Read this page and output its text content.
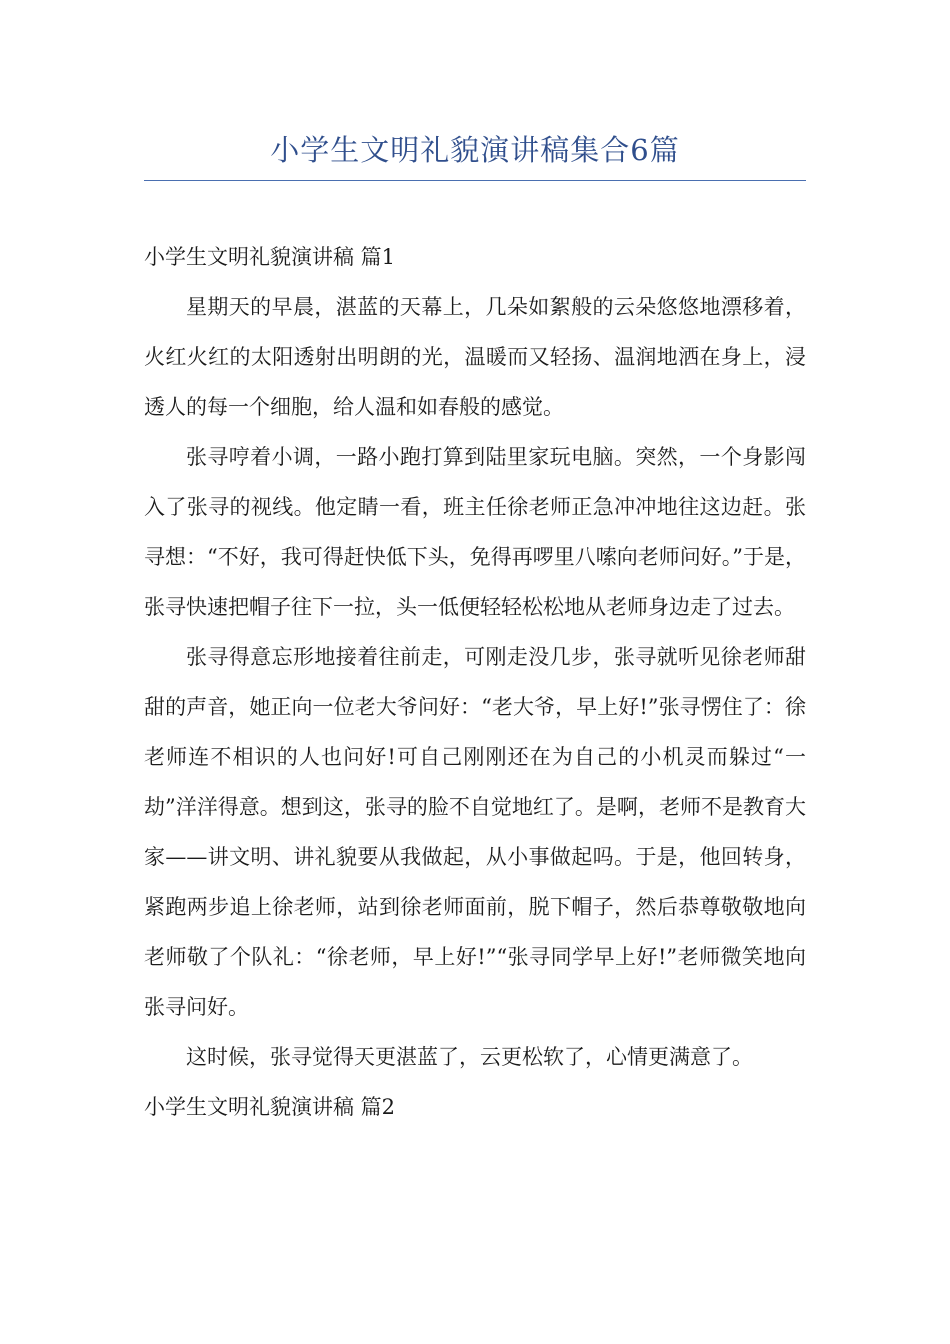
小学生文明礼貌演讲稿集合6篇
小学生文明礼貌演讲稿 篇1

星期天的早晨，湛蓝的天幕上，几朵如絮般的云朵悠悠地漂移着，火红火红的太阳透射出明朗的光，温暖而又轻扬、温润地洒在身上，浸透人的每一个细胞，给人温和如春般的感觉。

张寻哼着小调，一路小跑打算到陆里家玩电脑。突然，一个身影闯入了张寻的视线。他定睛一看，班主任徐老师正急冲冲地往这边赶。张寻想：“不好，我可得赶快低下头，免得再啰里八嗦向老师问好。”于是，张寻快速把帽子往下一拉，头一低便轻轻松松地从老师身边走了过去。

张寻得意忘形地接着往前走，可刚走没几步，张寻就听见徐老师甜甜的声音，她正向一位老大爷问好：“老大爷，早上好!”张寻愣住了：徐老师连不相识的人也问好!可自己刚刚还在为自己的小机灵而躲过“一劫”洋洋得意。想到这，张寻的脸不自觉地红了。是啊，老师不是教育大家——讲文明、讲礼貌要从我做起，从小事做起吗。于是，他回转身，紧跑两步追上徐老师，站到徐老师面前，脱下帽子，然后恭尊敬敬地向老师敬了个队礼：“徐老师，早上好!”“张寻同学早上好!”老师微笑地向张寻问好。

这时候，张寻觉得天更湛蓝了，云更松软了，心情更满意了。

小学生文明礼貌演讲稿 篇2
